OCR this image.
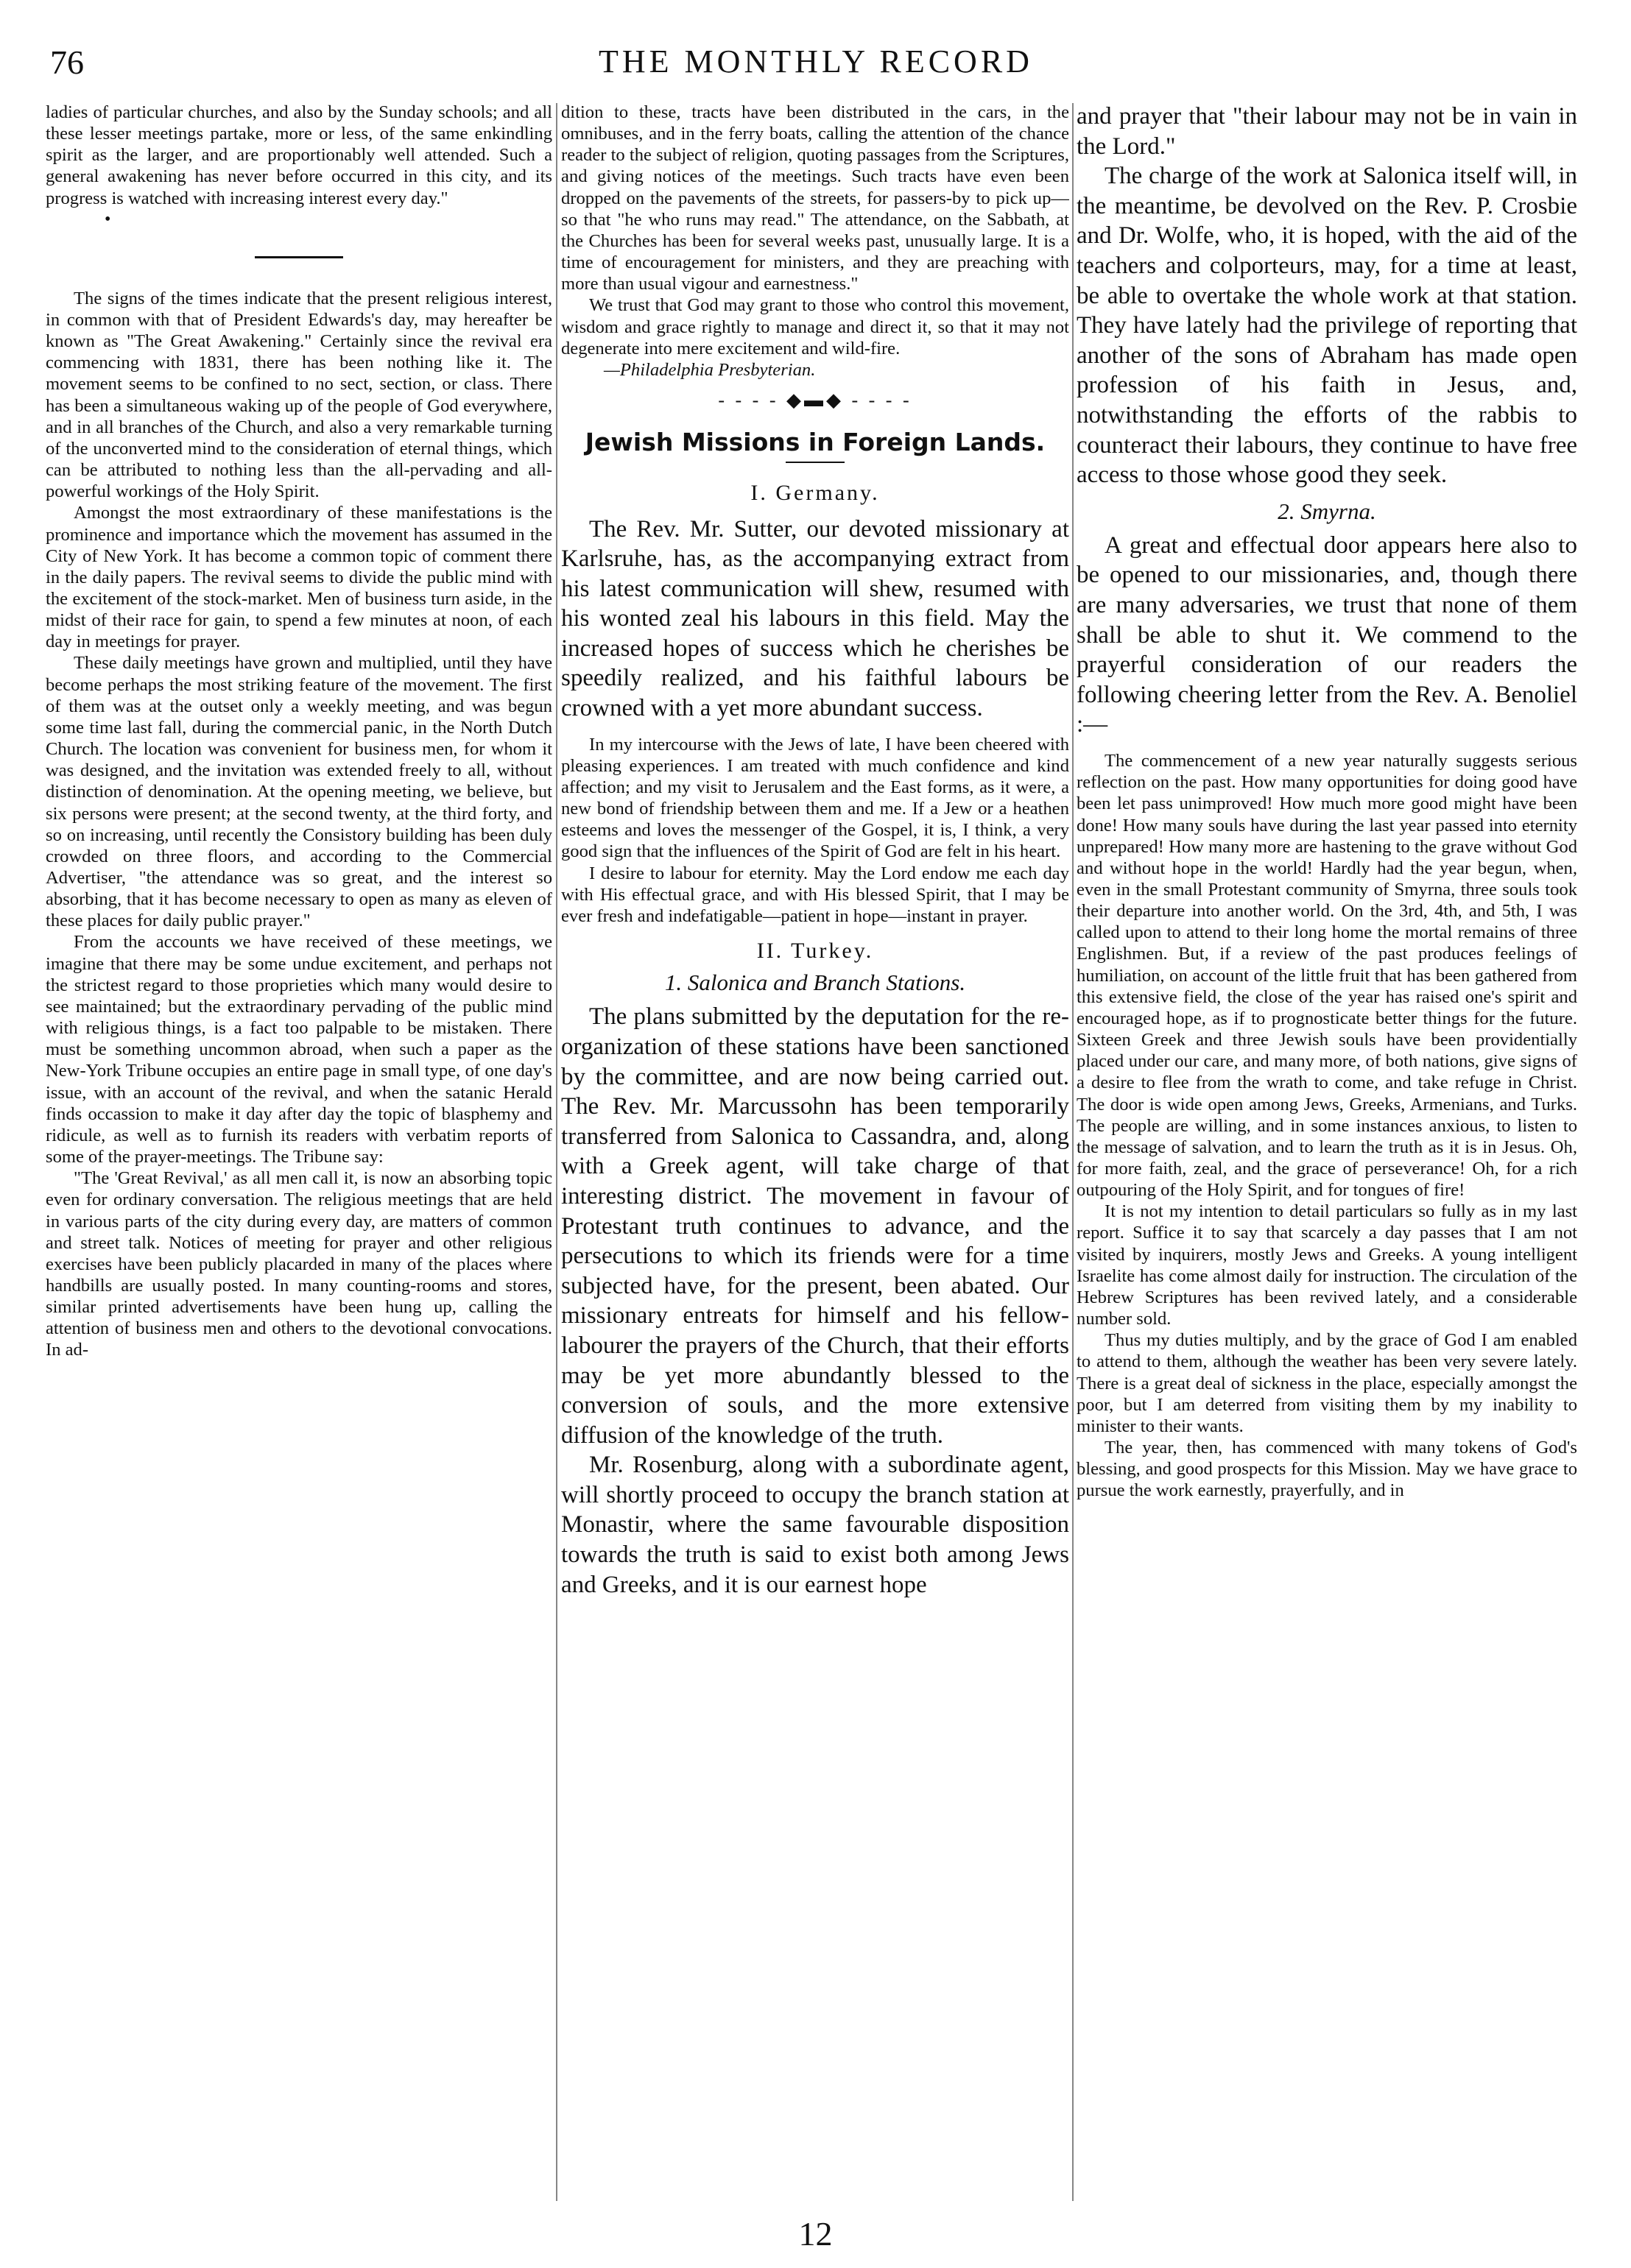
76	THE MONTHLY RECORD

ladies of particular churches, and also by the Sunday schools; and all these lesser meetings partake, more or less, of the same enkindling spirit as the larger, and are proportionably well attended. Such a general awakening has never before occurred in this city, and its progress is watched with increasing interest every day."

•

The signs of the times indicate that the present religious interest, in common with that of President Edwards's day, may hereafter be known as "The Great Awakening." Certainly since the revival era commencing with 1831, there has been nothing like it. The movement seems to be confined to no sect, section, or class. There has been a simultaneous waking up of the people of God everywhere, and in all branches of the Church, and also a very remarkable turning of the unconverted mind to the consideration of eternal things, which can be attributed to nothing less than the all-pervading and all-powerful workings of the Holy Spirit.

Amongst the most extraordinary of these manifestations is the prominence and importance which the movement has assumed in the City of New York. It has become a common topic of comment there in the daily papers. The revival seems to divide the public mind with the excitement of the stock-market. Men of business turn aside, in the midst of their race for gain, to spend a few minutes at noon, of each day in meetings for prayer.

These daily meetings have grown and multiplied, until they have become perhaps the most striking feature of the movement. The first of them was at the outset only a weekly meeting, and was begun some time last fall, during the commercial panic, in the North Dutch Church. The location was convenient for business men, for whom it was designed, and the invitation was extended freely to all, without distinction of denomination. At the opening meeting, we believe, but six persons were present; at the second twenty, at the third forty, and so on increasing, until recently the Consistory building has been duly crowded on three floors, and according to the Commercial Advertiser, "the attendance was so great, and the interest so absorbing, that it has become necessary to open as many as eleven of these places for daily public prayer."

From the accounts we have received of these meetings, we imagine that there may be some undue excitement, and perhaps not the strictest regard to those proprieties which many would desire to see maintained; but the extraordinary pervading of the public mind with religious things, is a fact too palpable to be mistaken. There must be something uncommon abroad, when such a paper as the New-York Tribune occupies an entire page in small type, of one day's issue, with an account of the revival, and when the satanic Herald finds occassion to make it day after day the topic of blasphemy and ridicule, as well as to furnish its readers with verbatim reports of some of the prayer-meetings. The Tribune say:

"The 'Great Revival,' as all men call it, is now an absorbing topic even for ordinary conversation. The religious meetings that are held in various parts of the city during every day, are matters of common and street talk. Notices of meeting for prayer and other religious exercises have been publicly placarded in many of the places where handbills are usually posted. In many counting-rooms and stores, similar printed advertisements have been hung up, calling the attention of business men and others to the devotional convocations. In ad-

dition to these, tracts have been distributed in the cars, in the omnibuses, and in the ferry boats, calling the attention of the chance reader to the subject of religion, quoting passages from the Scriptures, and giving notices of the meetings. Such tracts have even been dropped on the pavements of the streets, for passers-by to pick up—so that "he who runs may read." The attendance, on the Sabbath, at the Churches has been for several weeks past, unusually large. It is a time of encouragement for ministers, and they are preaching with more than usual vigour and earnestness."

We trust that God may grant to those who control this movement, wisdom and grace rightly to manage and direct it, so that it may not degenerate into mere excitement and wild-fire.

—Philadelphia Presbyterian.

- - - - ◆▬◆ - - - -
Jewish Missions in Foreign Lands.
I. Germany.

The Rev. Mr. Sutter, our devoted missionary at Karlsruhe, has, as the accompanying extract from his latest communication will shew, resumed with his wonted zeal his labours in this field. May the increased hopes of success which he cherishes be speedily realized, and his faithful labours be crowned with a yet more abundant success.

In my intercourse with the Jews of late, I have been cheered with pleasing experiences. I am treated with much confidence and kind affection; and my visit to Jerusalem and the East forms, as it were, a new bond of friendship between them and me. If a Jew or a heathen esteems and loves the messenger of the Gospel, it is, I think, a very good sign that the influences of the Spirit of God are felt in his heart.

I desire to labour for eternity. May the Lord endow me each day with His effectual grace, and with His blessed Spirit, that I may be ever fresh and indefatigable—patient in hope—instant in prayer.

II. Turkey.
1. Salonica and Branch Stations.

The plans submitted by the deputation for the re-organization of these stations have been sanctioned by the committee, and are now being carried out. The Rev. Mr. Marcussohn has been temporarily transferred from Salonica to Cassandra, and, along with a Greek agent, will take charge of that interesting district. The movement in favour of Protestant truth continues to advance, and the persecutions to which its friends were for a time subjected have, for the present, been abated. Our missionary entreats for himself and his fellow-labourer the prayers of the Church, that their efforts may be yet more abundantly blessed to the conversion of souls, and the more extensive diffusion of the knowledge of the truth.

Mr. Rosenburg, along with a subordinate agent, will shortly proceed to occupy the branch station at Monastir, where the same favourable disposition towards the truth is said to exist both among Jews and Greeks, and it is our earnest hope

and prayer that "their labour may not be in vain in the Lord."

The charge of the work at Salonica itself will, in the meantime, be devolved on the Rev. P. Crosbie and Dr. Wolfe, who, it is hoped, with the aid of the teachers and colporteurs, may, for a time at least, be able to overtake the whole work at that station. They have lately had the privilege of reporting that another of the sons of Abraham has made open profession of his faith in Jesus, and, notwithstanding the efforts of the rabbis to counteract their labours, they continue to have free access to those whose good they seek.

2. Smyrna.

A great and effectual door appears here also to be opened to our missionaries, and, though there are many adversaries, we trust that none of them shall be able to shut it. We commend to the prayerful consideration of our readers the following cheering letter from the Rev. A. Benoliel :—

The commencement of a new year naturally suggests serious reflection on the past. How many opportunities for doing good have been let pass unimproved! How much more good might have been done! How many souls have during the last year passed into eternity unprepared! How many more are hastening to the grave without God and without hope in the world! Hardly had the year begun, when, even in the small Protestant community of Smyrna, three souls took their departure into another world. On the 3rd, 4th, and 5th, I was called upon to attend to their long home the mortal remains of three Englishmen. But, if a review of the past produces feelings of humiliation, on account of the little fruit that has been gathered from this extensive field, the close of the year has raised one's spirit and encouraged hope, as if to prognosticate better things for the future. Sixteen Greek and three Jewish souls have been providentially placed under our care, and many more, of both nations, give signs of a desire to flee from the wrath to come, and take refuge in Christ. The door is wide open among Jews, Greeks, Armenians, and Turks. The people are willing, and in some instances anxious, to listen to the message of salvation, and to learn the truth as it is in Jesus. Oh, for more faith, zeal, and the grace of perseverance! Oh, for a rich outpouring of the Holy Spirit, and for tongues of fire!

It is not my intention to detail particulars so fully as in my last report. Suffice it to say that scarcely a day passes that I am not visited by inquirers, mostly Jews and Greeks. A young intelligent Israelite has come almost daily for instruction. The circulation of the Hebrew Scriptures has been revived lately, and a considerable number sold.

Thus my duties multiply, and by the grace of God I am enabled to attend to them, although the weather has been very severe lately. There is a great deal of sickness in the place, especially amongst the poor, but I am deterred from visiting them by my inability to minister to their wants.

The year, then, has commenced with many tokens of God's blessing, and good prospects for this Mission. May we have grace to pursue the work earnestly, prayerfully, and in

12
